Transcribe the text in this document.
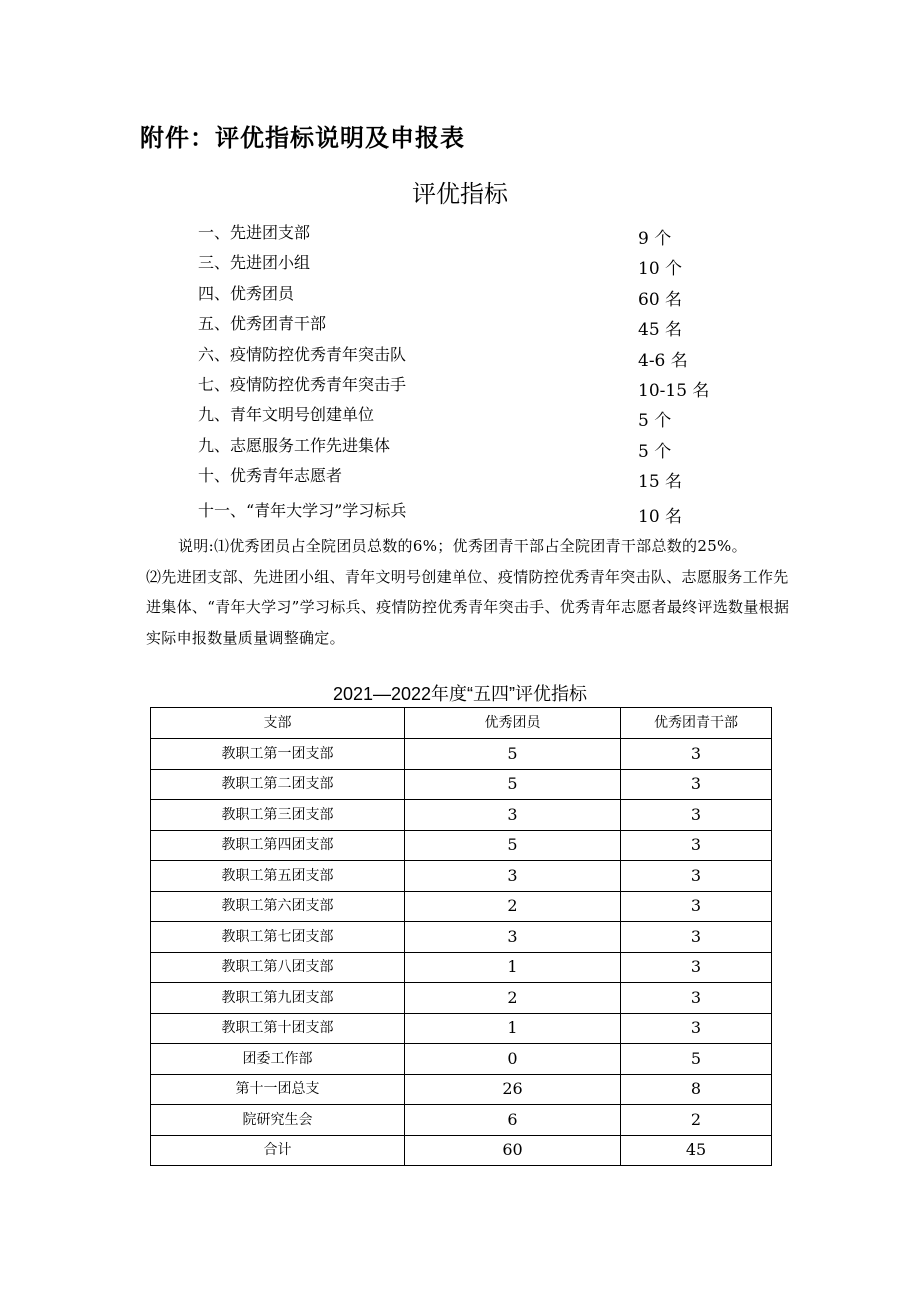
附件：评优指标说明及申报表
评优指标
一、先进团支部	9 个
三、先进团小组	10 个
四、优秀团员	60 名
五、优秀团青干部	45 名
六、疫情防控优秀青年突击队	4-6 名
七、疫情防控优秀青年突击手	10-15 名
九、青年文明号创建单位	5 个
九、志愿服务工作先进集体	5 个
十、优秀青年志愿者	15 名
十一、“青年大学习”学习标兵	10 名

说明:⑴优秀团员占全院团员总数的6%；优秀团青干部占全院团青干部总数的25%。

⑵先进团支部、先进团小组、青年文明号创建单位、疫情防控优秀青年突击队、志愿服务工作先进集体、“青年大学习”学习标兵、疫情防控优秀青年突击手、优秀青年志愿者最终评选数量根据实际申报数量质量调整确定。

2021—2022年度“五四”评优指标
支部	优秀团员	优秀团青干部
教职工第一团支部	5	3
教职工第二团支部	5	3
教职工第三团支部	3	3
教职工第四团支部	5	3
教职工第五团支部	3	3
教职工第六团支部	2	3
教职工第七团支部	3	3
教职工第八团支部	1	3
教职工第九团支部	2	3
教职工第十团支部	1	3
团委工作部	0	5
第十一团总支	26	8
院研究生会	6	2
合计	60	45
